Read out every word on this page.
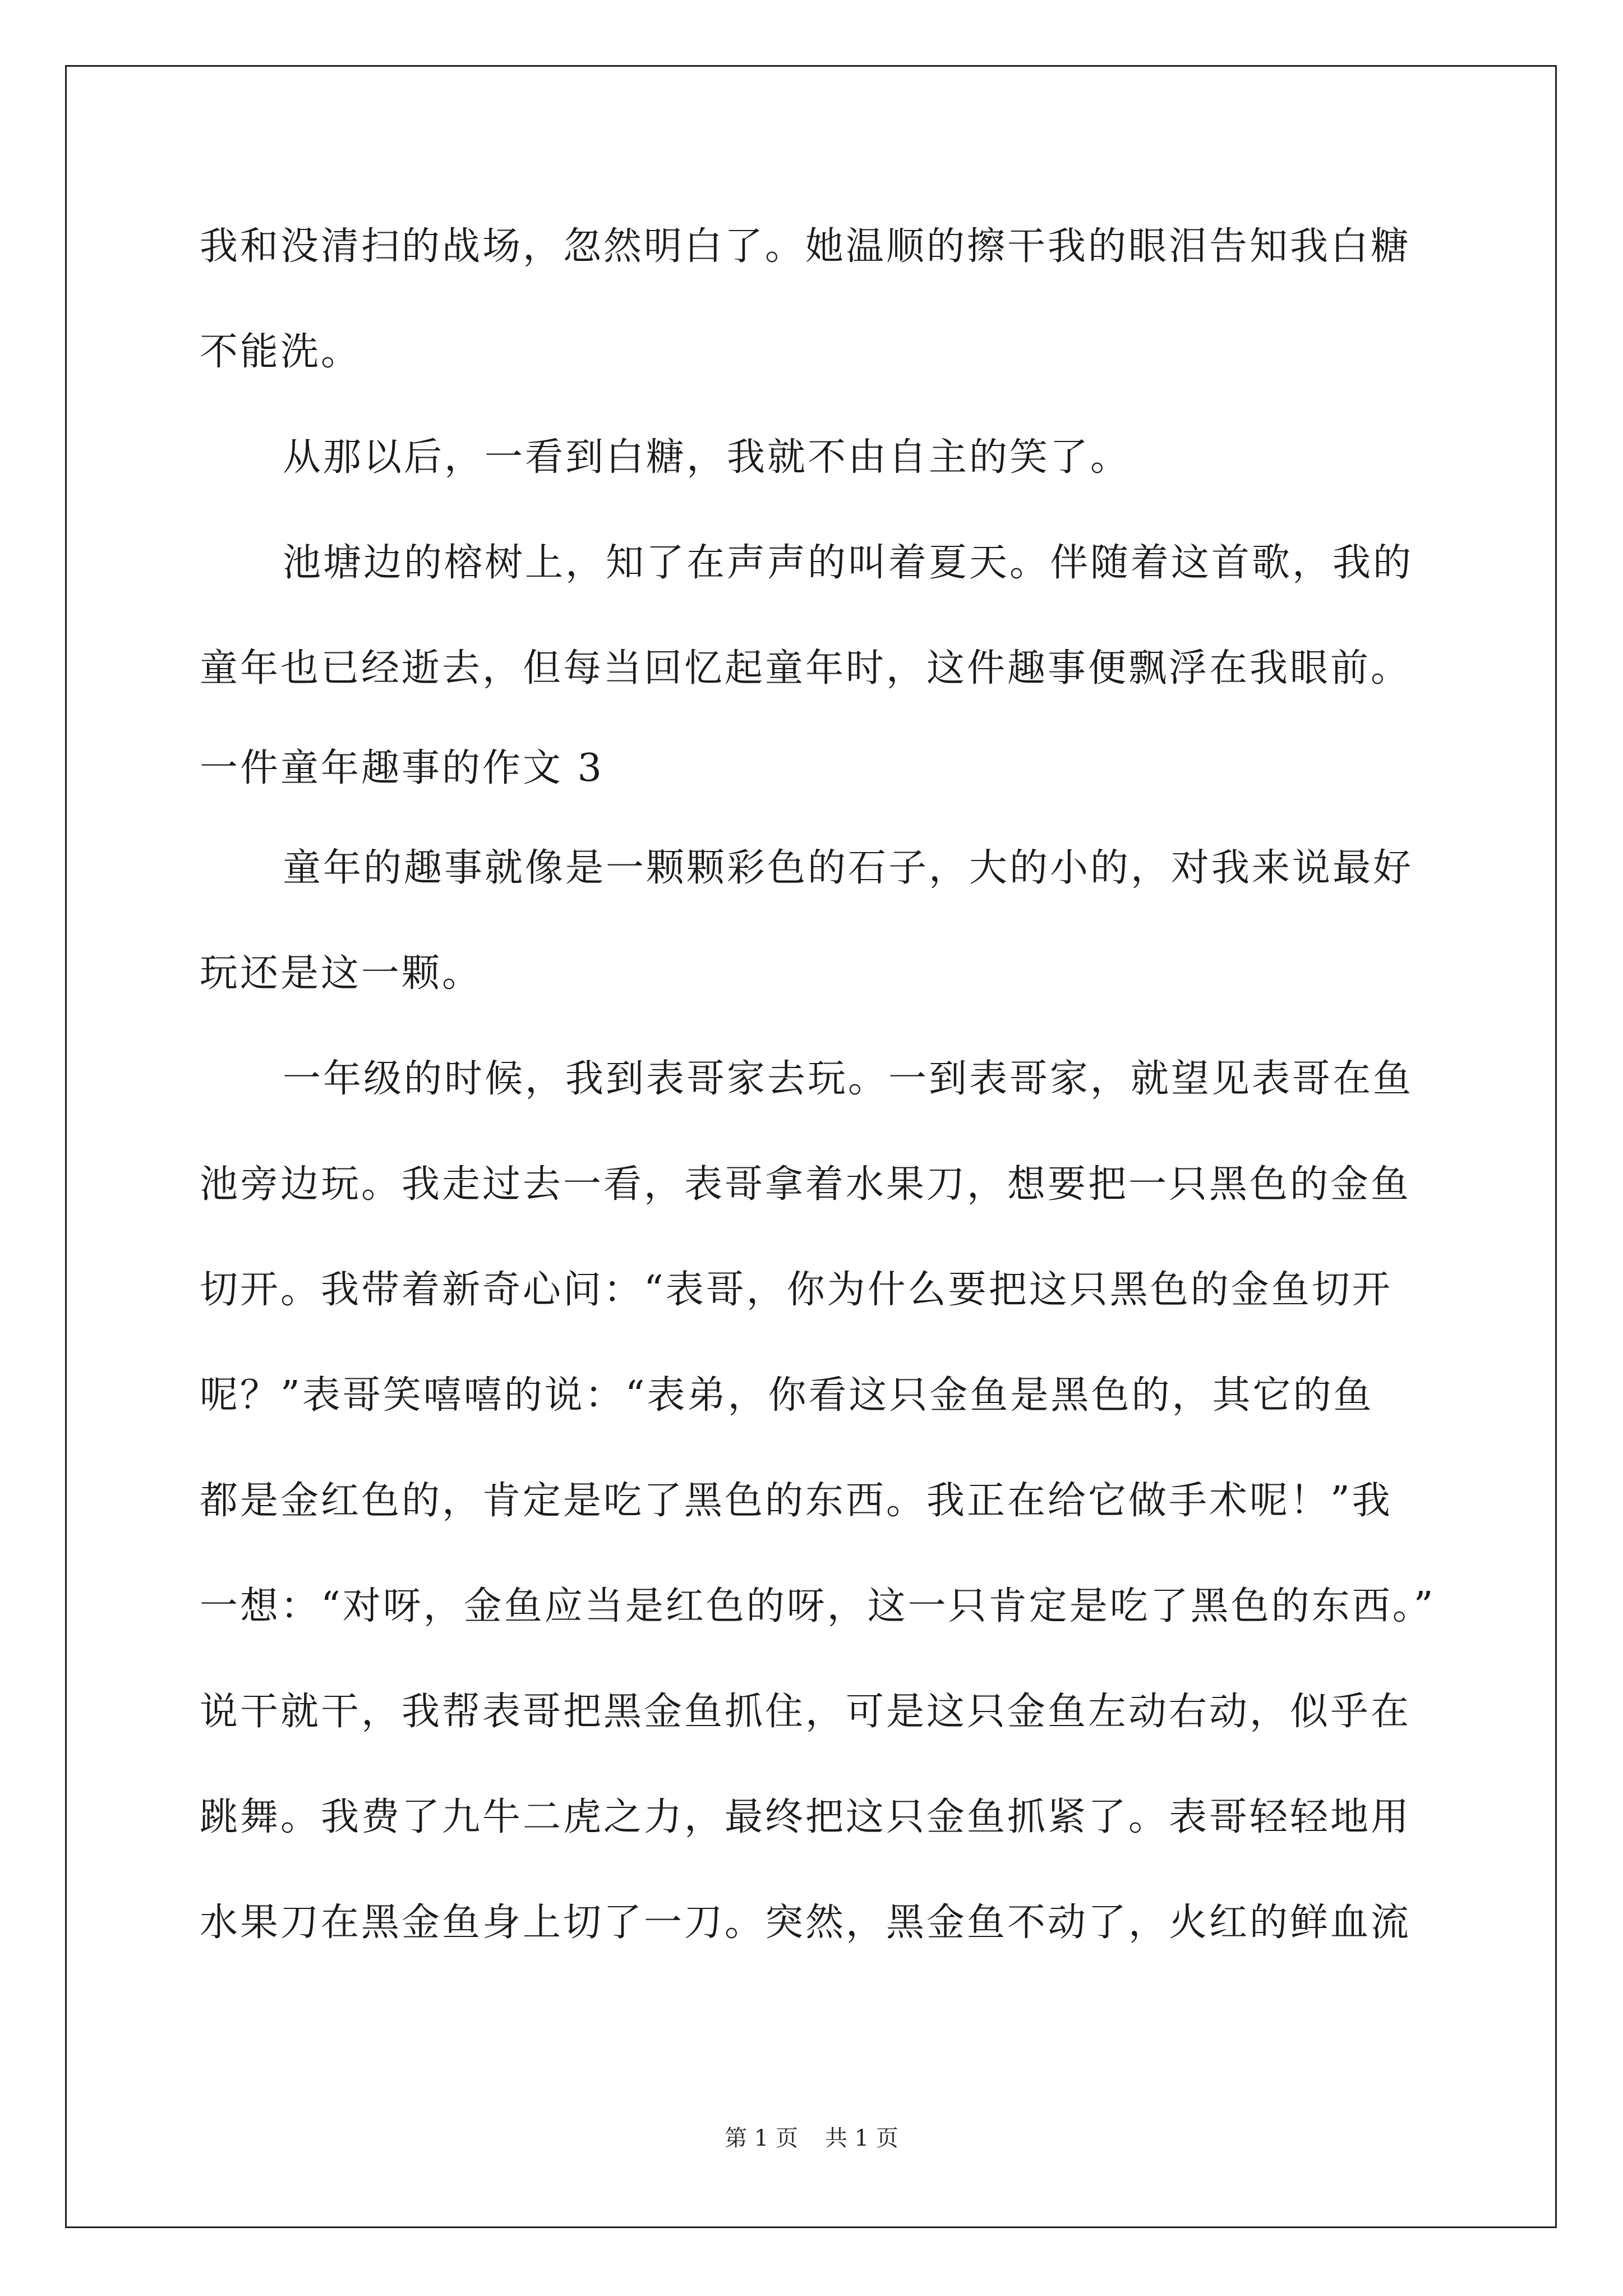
我和没清扫的战场，忽然明白了。她温顺的擦干我的眼泪告知我白糖
不能洗。
从那以后，一看到白糖，我就不由自主的笑了。
池塘边的榕树上，知了在声声的叫着夏天。伴随着这首歌，我的
童年也已经逝去，但每当回忆起童年时，这件趣事便飘浮在我眼前。
一件童年趣事的作文 3
童年的趣事就像是一颗颗彩色的石子，大的小的，对我来说最好
玩还是这一颗。
一年级的时候，我到表哥家去玩。一到表哥家，就望见表哥在鱼
池旁边玩。我走过去一看，表哥拿着水果刀，想要把一只黑色的金鱼
切开。我带着新奇心问：“表哥，你为什么要把这只黑色的金鱼切开
呢？”表哥笑嘻嘻的说：“表弟，你看这只金鱼是黑色的，其它的鱼
都是金红色的，肯定是吃了黑色的东西。我正在给它做手术呢！”我
一想：“对呀，金鱼应当是红色的呀，这一只肯定是吃了黑色的东西。”
说干就干，我帮表哥把黑金鱼抓住，可是这只金鱼左动右动，似乎在
跳舞。我费了九牛二虎之力，最终把这只金鱼抓紧了。表哥轻轻地用
水果刀在黑金鱼身上切了一刀。突然，黑金鱼不动了，火红的鲜血流
第 1 页 共 1 页
